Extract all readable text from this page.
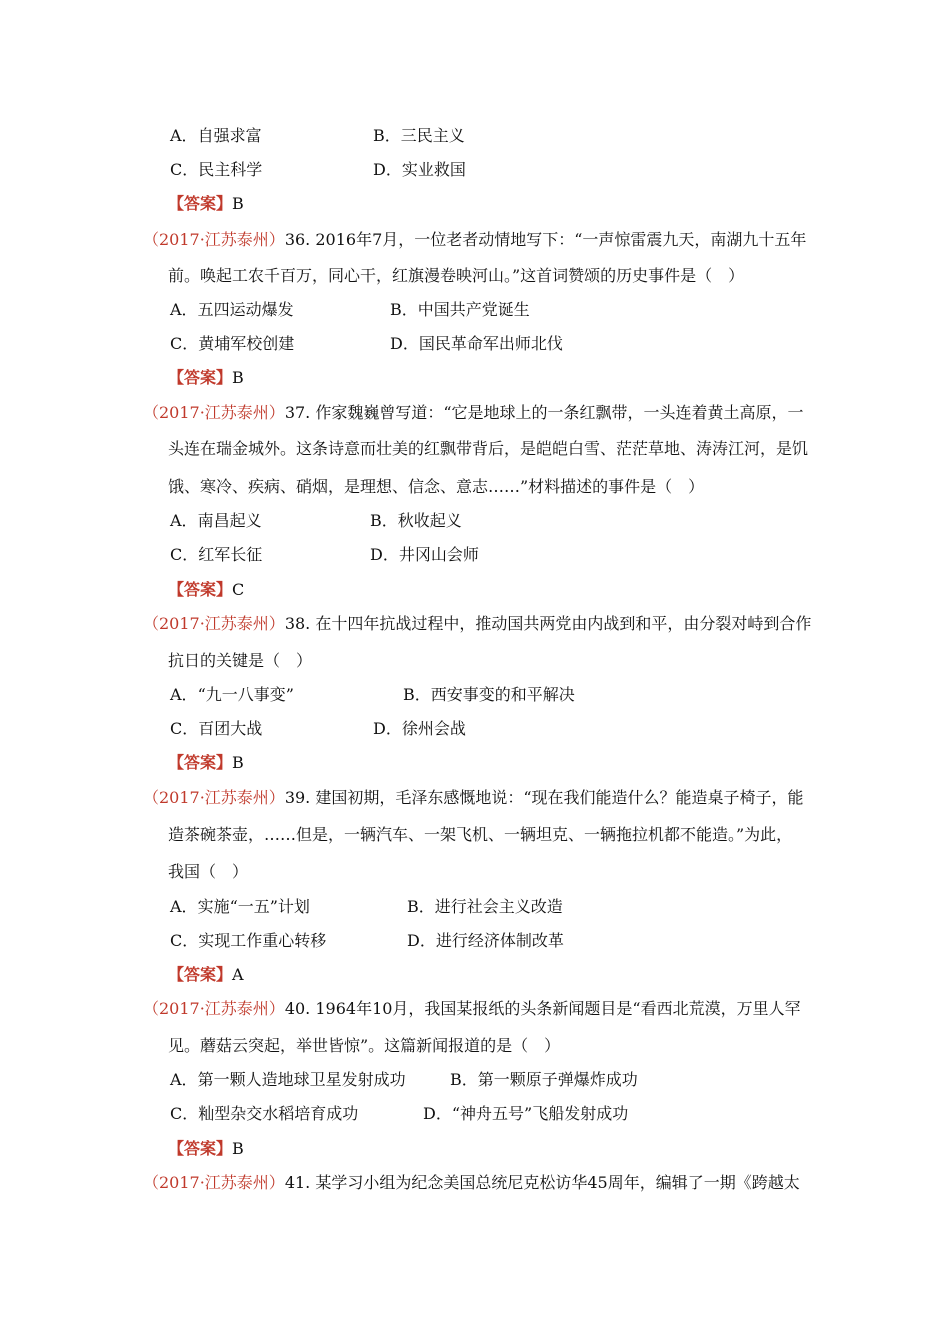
A．自强求富	B．三民主义
C．民主科学	D．实业救国
【答案】B
（2017·江苏泰州）36. 2016年7月，一位老者动情地写下：“一声惊雷震九天，南湖九十五年
前。唤起工农千百万，同心干，红旗漫卷映河山。”这首词赞颂的历史事件是（　）
A．五四运动爆发	B．中国共产党诞生
C．黄埔军校创建	D．国民革命军出师北伐
【答案】B
（2017·江苏泰州）37. 作家魏巍曾写道：“它是地球上的一条红飘带，一头连着黄土高原，一
头连在瑞金城外。这条诗意而壮美的红飘带背后，是皑皑白雪、茫茫草地、涛涛江河，是饥
饿、寒冷、疾病、硝烟，是理想、信念、意志……”材料描述的事件是（　）
A．南昌起义	B．秋收起义
C．红军长征	D．井冈山会师
【答案】C
（2017·江苏泰州）38. 在十四年抗战过程中，推动国共两党由内战到和平，由分裂对峙到合作
抗日的关键是（　）
A．“九一八事变”	B．西安事变的和平解决
C．百团大战	D．徐州会战
【答案】B
（2017·江苏泰州）39. 建国初期，毛泽东感慨地说：“现在我们能造什么？能造桌子椅子，能
造茶碗茶壶，……但是，一辆汽车、一架飞机、一辆坦克、一辆拖拉机都不能造。”为此，
我国（　）
A．实施“一五”计划	B．进行社会主义改造
C．实现工作重心转移	D．进行经济体制改革
【答案】A
（2017·江苏泰州）40. 1964年10月，我国某报纸的头条新闻题目是“看西北荒漠，万里人罕
见。蘑菇云突起，举世皆惊”。这篇新闻报道的是（　）
A．第一颗人造地球卫星发射成功	B．第一颗原子弹爆炸成功
C．籼型杂交水稻培育成功	D．“神舟五号”飞船发射成功
【答案】B
（2017·江苏泰州）41. 某学习小组为纪念美国总统尼克松访华45周年，编辑了一期《跨越太
